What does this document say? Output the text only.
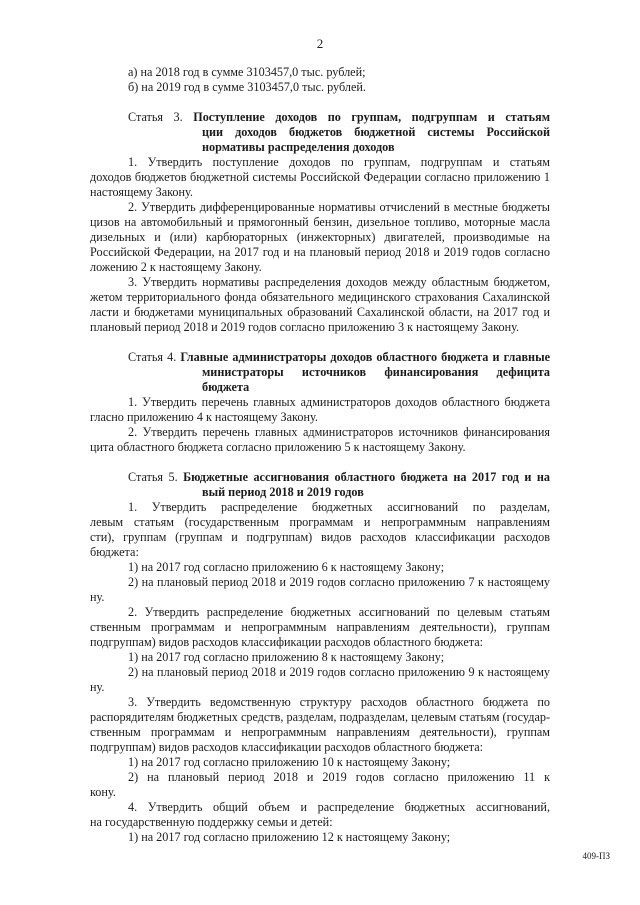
2
а) на 2018 год в сумме 3103457,0 тыс. рублей;
б) на 2019 год в сумме 3103457,0 тыс. рублей.
Статья 3. Поступление доходов по группам, подгруппам и статьям
ции доходов бюджетов бюджетной системы Российской
нормативы распределения доходов
1. Утвердить поступление доходов по группам, подгруппам и статьям
доходов бюджетов бюджетной системы Российской Федерации согласно приложению 1
настоящему Закону.
2. Утвердить дифференцированные нормативы отчислений в местные бюджеты
цизов на автомобильный и прямогонный бензин, дизельное топливо, моторные масла
дизельных и (или) карбюраторных (инжекторных) двигателей, производимые на
Российской Федерации, на 2017 год и на плановый период 2018 и 2019 годов согласно
ложению 2 к настоящему Закону.
3. Утвердить нормативы распределения доходов между областным бюджетом,
жетом территориального фонда обязательного медицинского страхования Сахалинской
ласти и бюджетами муниципальных образований Сахалинской области, на 2017 год и
плановый период 2018 и 2019 годов согласно приложению 3 к настоящему Закону.
Статья 4. Главные администраторы доходов областного бюджета и главные
министраторы источников финансирования дефицита
бюджета
1. Утвердить перечень главных администраторов доходов областного бюджета
гласно приложению 4 к настоящему Закону.
2. Утвердить перечень главных администраторов источников финансирования
цита областного бюджета согласно приложению 5 к настоящему Закону.
Статья 5. Бюджетные ассигнования областного бюджета на 2017 год и на
вый период 2018 и 2019 годов
1. Утвердить распределение бюджетных ассигнований по разделам,
левым статьям (государственным программам и непрограммным направлениям
сти), группам (группам и подгруппам) видов расходов классификации расходов
бюджета:
1) на 2017 год согласно приложению 6 к настоящему Закону;
2) на плановый период 2018 и 2019 годов согласно приложению 7 к настоящему
ну.
2. Утвердить распределение бюджетных ассигнований по целевым статьям
ственным программам и непрограммным направлениям деятельности), группам
подгруппам) видов расходов классификации расходов областного бюджета:
1) на 2017 год согласно приложению 8 к настоящему Закону;
2) на плановый период 2018 и 2019 годов согласно приложению 9 к настоящему
ну.
3. Утвердить ведомственную структуру расходов областного бюджета по
распорядителям бюджетных средств, разделам, подразделам, целевым статьям (государ-
ственным программам и непрограммным направлениям деятельности), группам
подгруппам) видов расходов классификации расходов областного бюджета:
1) на 2017 год согласно приложению 10 к настоящему Закону;
2) на плановый период 2018 и 2019 годов согласно приложению 11 к
кону.
4. Утвердить общий объем и распределение бюджетных ассигнований,
на государственную поддержку семьи и детей:
1) на 2017 год согласно приложению 12 к настоящему Закону;
409-ПЗ
